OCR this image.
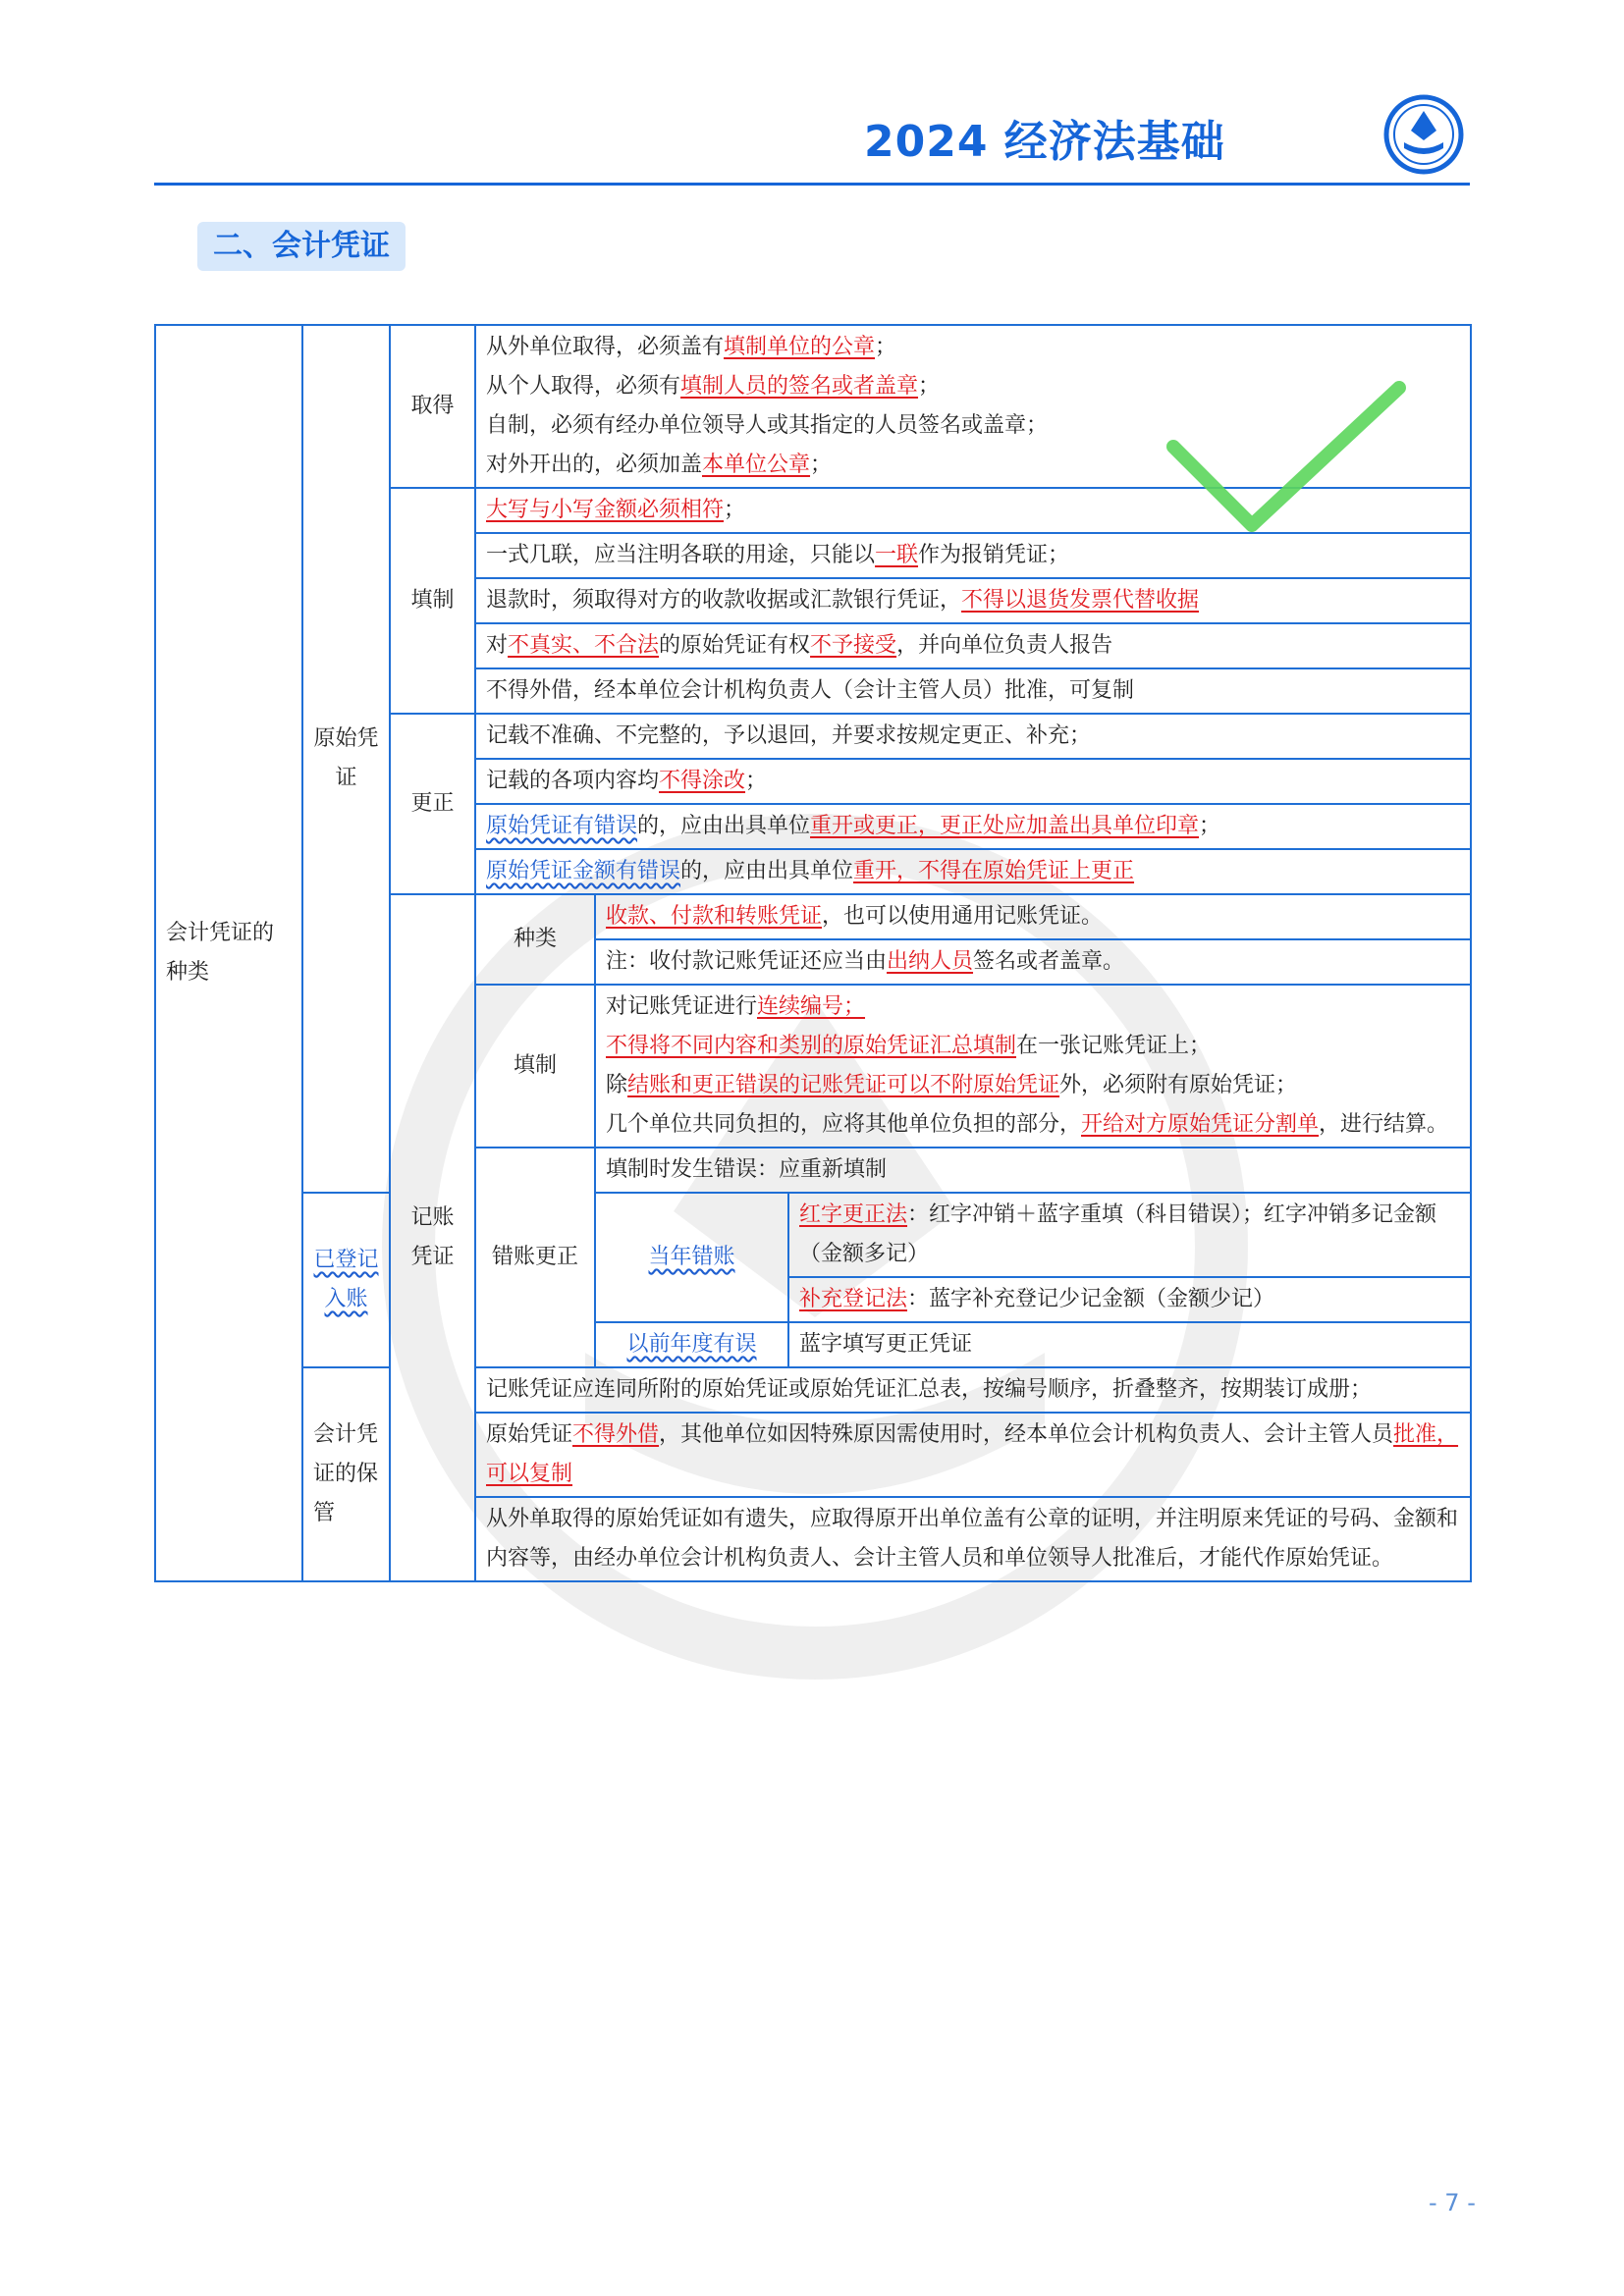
2024 经济法基础
二、会计凭证
会计凭证的种类	原始凭证	取得	从外单位取得，必须盖有填制单位的公章；
从个人取得，必须有填制人员的签名或者盖章；
自制，必须有经办单位领导人或其指定的人员签名或盖章；
对外开出的，必须加盖本单位公章；		

		填制	大写与小写金额必须相符；		
			一式几联，应当注明各联的用途，只能以一联作为报销凭证；		
			退款时，须取得对方的收款收据或汇款银行凭证，不得以退货发票代替收据		
			对不真实、不合法的原始凭证有权不予接受，并向单位负责人报告		
			不得外借，经本单位会计机构负责人（会计主管人员）批准，可复制		
		更正	记载不准确、不完整的，予以退回，并要求按规定更正、补充；		
			记载的各项内容均不得涂改；		
			原始凭证有错误的，应由出具单位重开或更正，更正处应加盖出具单位印章；		
			原始凭证金额有错误的，应由出具单位重开，不得在原始凭证上更正		
		记账凭证	种类	收款、付款和转账凭证，也可以使用通用记账凭证。	
				注：收付款记账凭证还应当由出纳人员签名或者盖章。	
			填制	对记账凭证进行连续编号；
不得将不同内容和类别的原始凭证汇总填制在一张记账凭证上；
除结账和更正错误的记账凭证可以不附原始凭证外，必须附有原始凭证；
几个单位共同负担的，应将其他单位负担的部分，开给对方原始凭证分割单，进行结算。	

			错账更正	填制时发生错误：应重新填制	
	已登记入账			当年错账	红字更正法：红字冲销＋蓝字重填（科目错误）；红字冲销多记金额（金额多记）
					补充登记法：蓝字补充登记少记金额（金额少记）
				以前年度有误	蓝字填写更正凭证
	会计凭证的保管		记账凭证应连同所附的原始凭证或原始凭证汇总表，按编号顺序，折叠整齐，按期装订成册；		
			原始凭证不得外借，其他单位如因特殊原因需使用时，经本单位会计机构负责人、会计主管人员批准，可以复制		
			从外单取得的原始凭证如有遗失，应取得原开出单位盖有公章的证明，并注明原来凭证的号码、金额和内容等，由经办单位会计机构负责人、会计主管人员和单位领导人批准后，才能代作原始凭证。		
- 7 -
